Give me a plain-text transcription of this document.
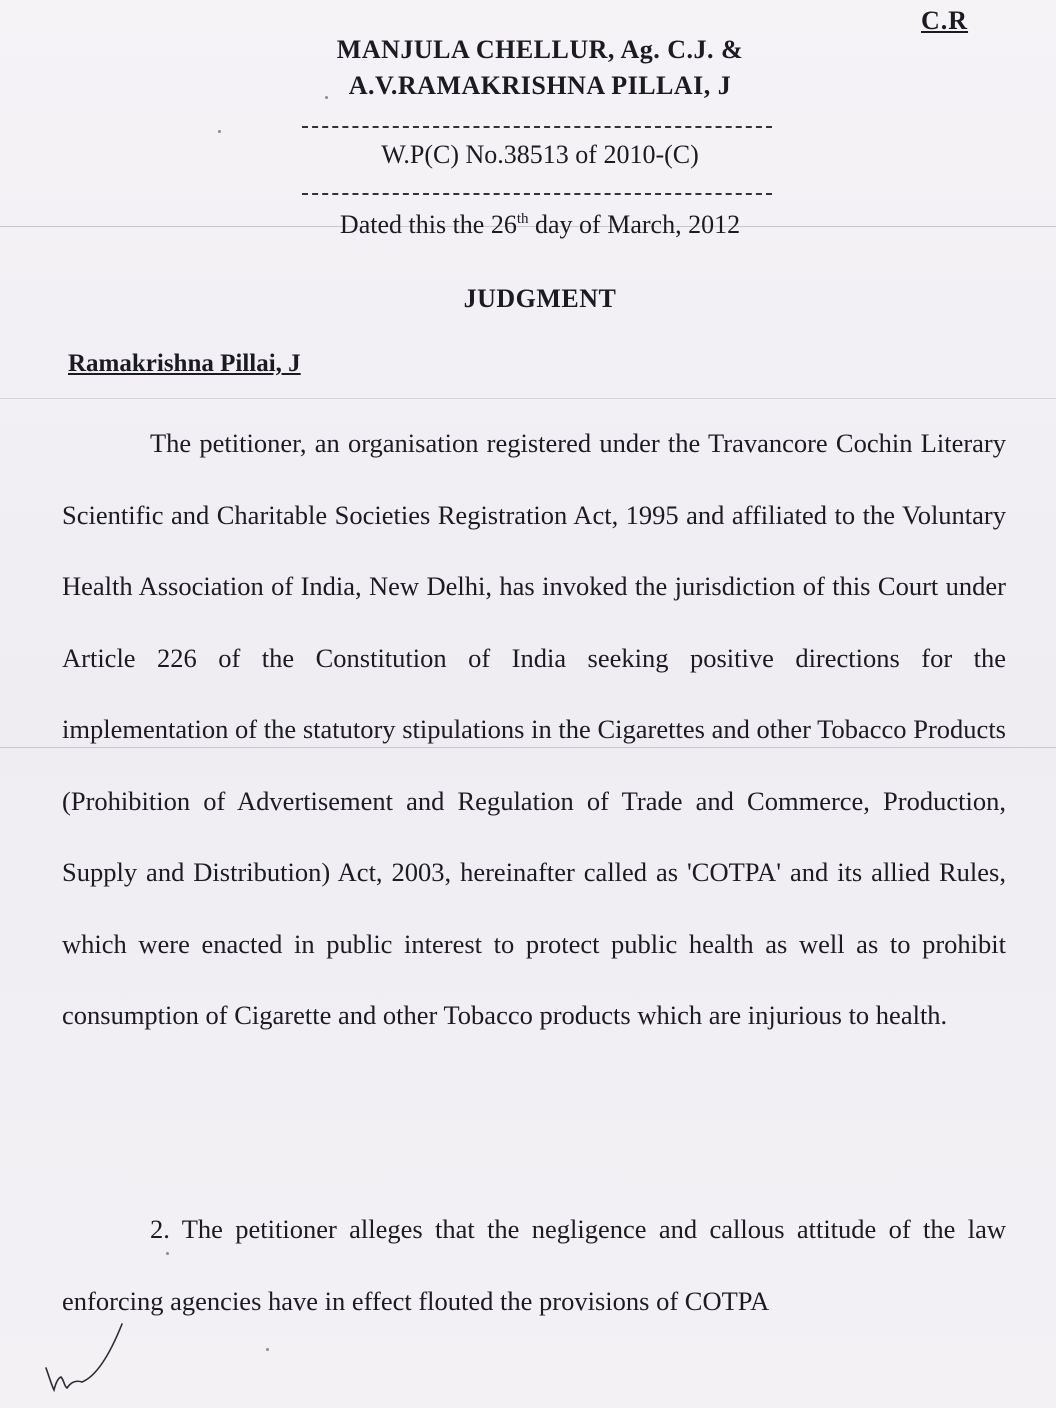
C.R
MANJULA CHELLUR, Ag. C.J. &
A.V.RAMAKRISHNA PILLAI, J
W.P(C) No.38513 of 2010-(C)
Dated this the 26th day of March, 2012
JUDGMENT
Ramakrishna Pillai, J
The petitioner, an organisation registered under the Travancore Cochin Literary Scientific and Charitable Societies Registration Act, 1995 and affiliated to the Voluntary Health Association of India, New Delhi, has invoked the jurisdiction of this Court under Article 226 of the Constitution of India seeking positive directions for the implementation of the statutory stipulations in the Cigarettes and other Tobacco Products (Prohibition of Advertisement and Regulation of Trade and Commerce, Production, Supply and Distribution) Act, 2003, hereinafter called as 'COTPA' and its allied Rules, which were enacted in public interest to protect public health as well as to prohibit consumption of Cigarette and other Tobacco products which are injurious to health.
2. The petitioner alleges that the negligence and callous attitude of the law enforcing agencies have in effect flouted the provisions of COTPA
